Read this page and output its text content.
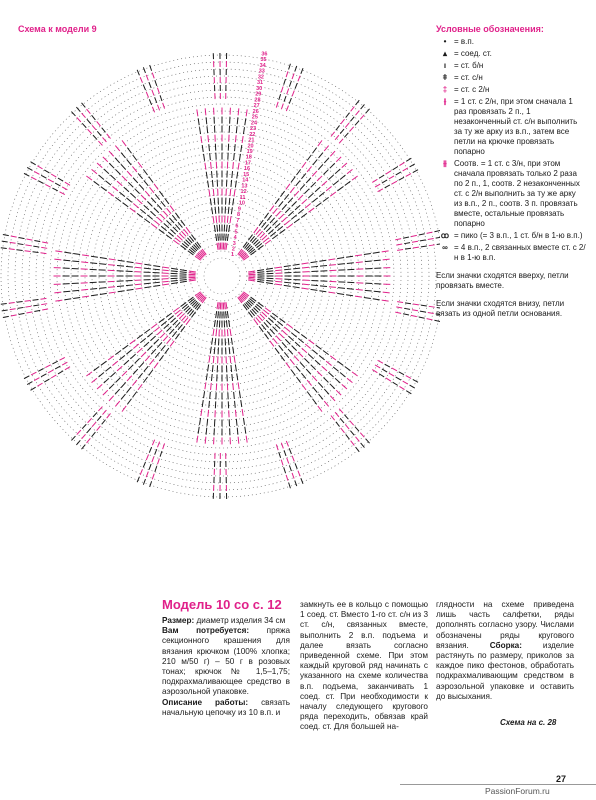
Схема к модели 9
1
2
3
4
5
6
7
8
9
10
11
12
13
14
15
16
17
18
19
20
21
22
23
24
25
26
27
28
29
30
31
32
33
34
35
36
Условные обозначения:
• = в.п.
▴ = соед. ст.
ı = ст. б/н
ǂ = ст. с/н
‡ = ст. с 2/н
⫲ = 1 ст. с 2/н, при этом сначала 1 раз провязать 2 п., 1 незаконченный ст. с/н выполнить за ту же арку из в.п., затем все петли на крючке провязать попарно
⫵ Соотв. = 1 ст. с 3/н, при этом сначала провязать только 2 раза по 2 п., 1, соотв. 2 незаконченных ст. с 2/н выполнить за ту же арку из в.п., 2 п., соотв. 3 п. провязать вместе, остальные провязать попарно
ꝏ = пико (= 3 в.п., 1 ст. б/н в 1-ю в.п.)
∞ = 4 в.п., 2 связанных вместе ст. с 2/н в 1-ю в.п.
Если значки сходятся вверху, петли провязать вместе.
Если значки сходятся внизу, петли вязать из одной петли основания.
Модель 10 со с. 12
Размер: диаметр изделия 34 см
Вам потребуется: пряжа секционного крашения для вязания крючком (100% хлопка; 210 м/50 г) – 50 г в розовых тонах; крючок № 1,5–1,75; подкрахмаливающее средство в аэрозольной упаковке.
Описание работы: связать начальную цепочку из 10 в.п. и
замкнуть ее в кольцо с помощью 1 соед. ст. Вместо 1-го ст. с/н из 3 ст. с/н, связанных вместе, выполнить 2 в.п. подъема и далее вязать согласно приведенной схеме. При этом каждый круговой ряд начинать с указанного на схеме количества в.п. подъема, заканчивать 1 соед. ст. При необходимости к началу следующего кругового ряда переходить, обвязав край соед. ст. Для большей на-
глядности на схеме приведена лишь часть салфетки, ряды дополнять согласно узору. Числами обозначены ряды кругового вязания.	Сборка:	изделие растянуть по размеру, приколов за каждое пико фестонов, обработать подкрахмаливающим средством в аэрозольной упаковке и оставить до высыхания.
Схема на с. 28
27
PassionForum.ru
